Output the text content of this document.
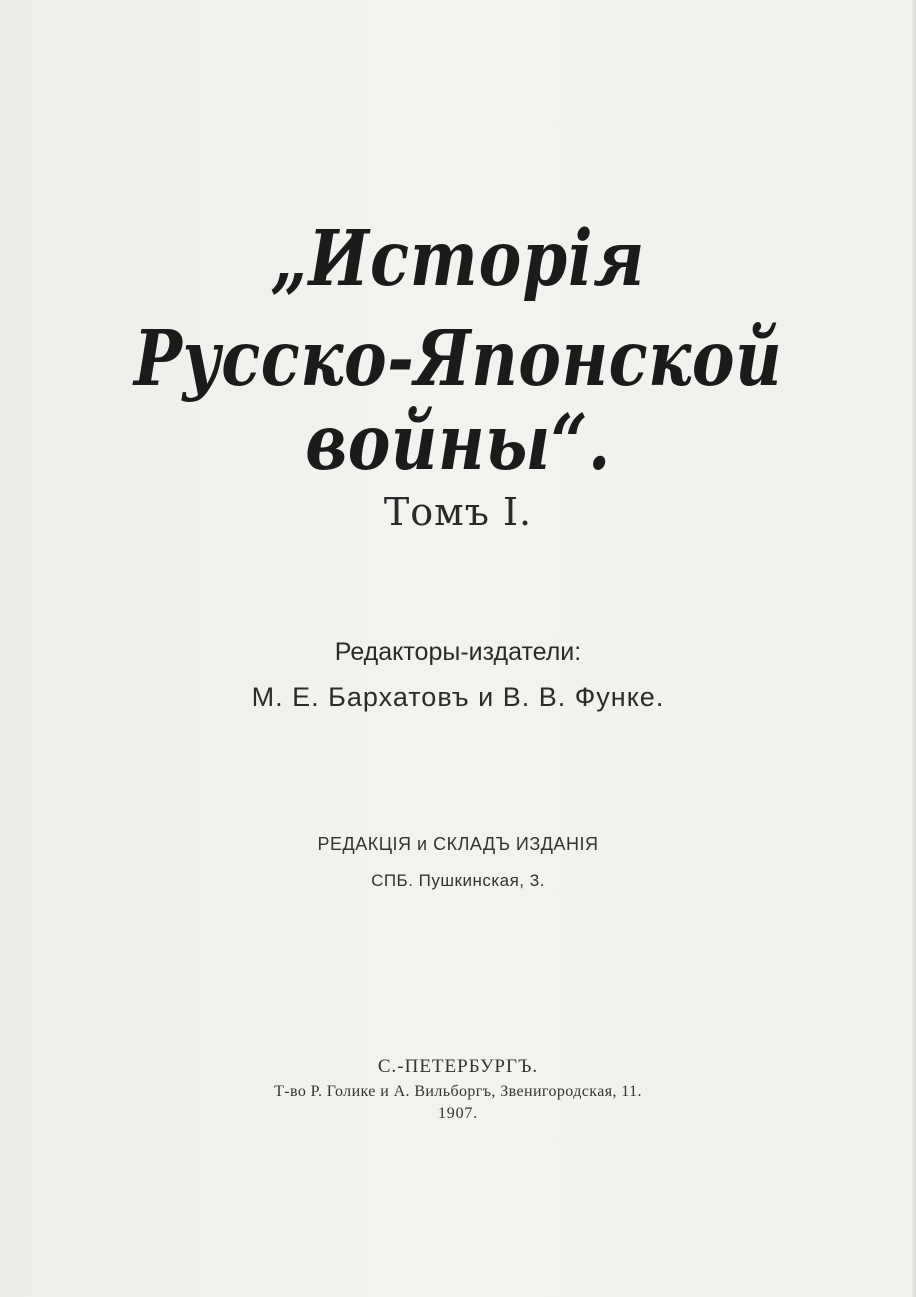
„Исторія
Русско-Японской войны“.
Томъ I.
Редакторы-издатели:
М. Е. Бархатовъ и В. В. Функе.
РЕДАКЦІЯ и СКЛАДЪ ИЗДАНІЯ
СПБ. Пушкинская, 3.
С.-ПЕТЕРБУРГЪ.
Т-во Р. Голике и А. Вильборгъ, Звенигородская, 11.
1907.
